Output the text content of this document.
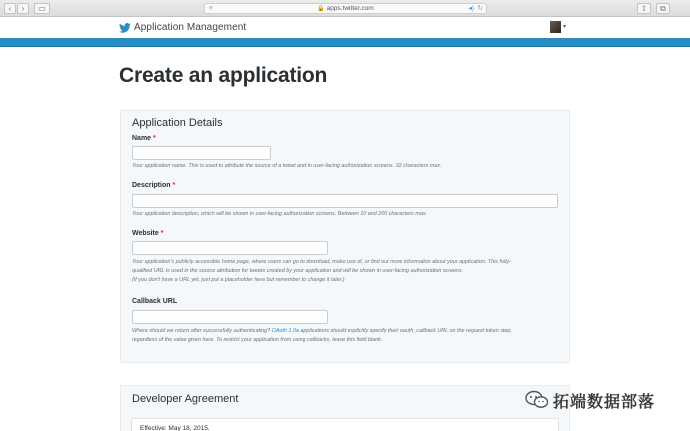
‹	›	▭	≡	🔒 apps.twitter.com	◂) ↻	⇧	⧉
Application Management	▾
Create an application
Application Details
Name *
Your application name. This is used to attribute the source of a tweet and in user-facing authorization screens. 32 characters max.
Description *
Your application description, which will be shown in user-facing authorization screens. Between 10 and 200 characters max.
Website *
Your application's publicly accessible home page, where users can go to download, make use of, or find out more information about your application. This fully-
qualified URL is used in the source attribution for tweets created by your application and will be shown in user-facing authorization screens.
(If you don't have a URL yet, just put a placeholder here but remember to change it later.)
Callback URL
Where should we return after successfully authenticating? OAuth 1.0a applications should explicitly specify their oauth_callback URL on the request token step,
regardless of the value given here. To restrict your application from using callbacks, leave this field blank.
Developer Agreement
Effective: May 18, 2015.
拓端数据部落
